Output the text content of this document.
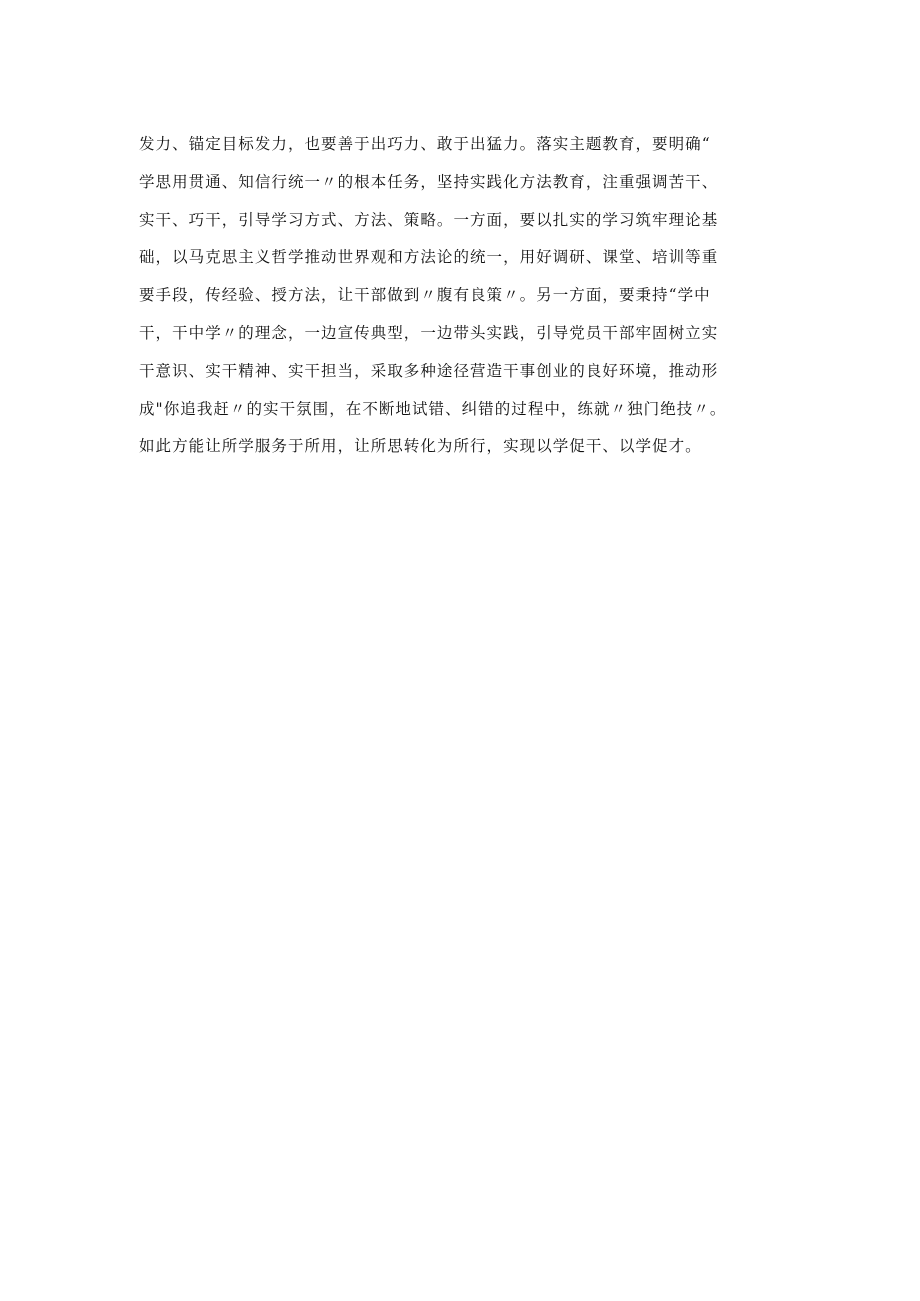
发力、锚定目标发力，也要善于出巧力、敢于出猛力。落实主题教育，要明确“
学思用贯通、知信行统一〃的根本任务，坚持实践化方法教育，注重强调苦干、
实干、巧干，引导学习方式、方法、策略。一方面，要以扎实的学习筑牢理论基
础，以马克思主义哲学推动世界观和方法论的统一，用好调研、课堂、培训等重
要手段，传经验、授方法，让干部做到〃腹有良策〃。另一方面，要秉持“学中
干，干中学〃的理念，一边宣传典型，一边带头实践，引导党员干部牢固树立实
干意识、实干精神、实干担当，采取多种途径营造干事创业的良好环境，推动形
成"你追我赶〃的实干氛围，在不断地试错、纠错的过程中，练就〃独门绝技〃。
如此方能让所学服务于所用，让所思转化为所行，实现以学促干、以学促才。
